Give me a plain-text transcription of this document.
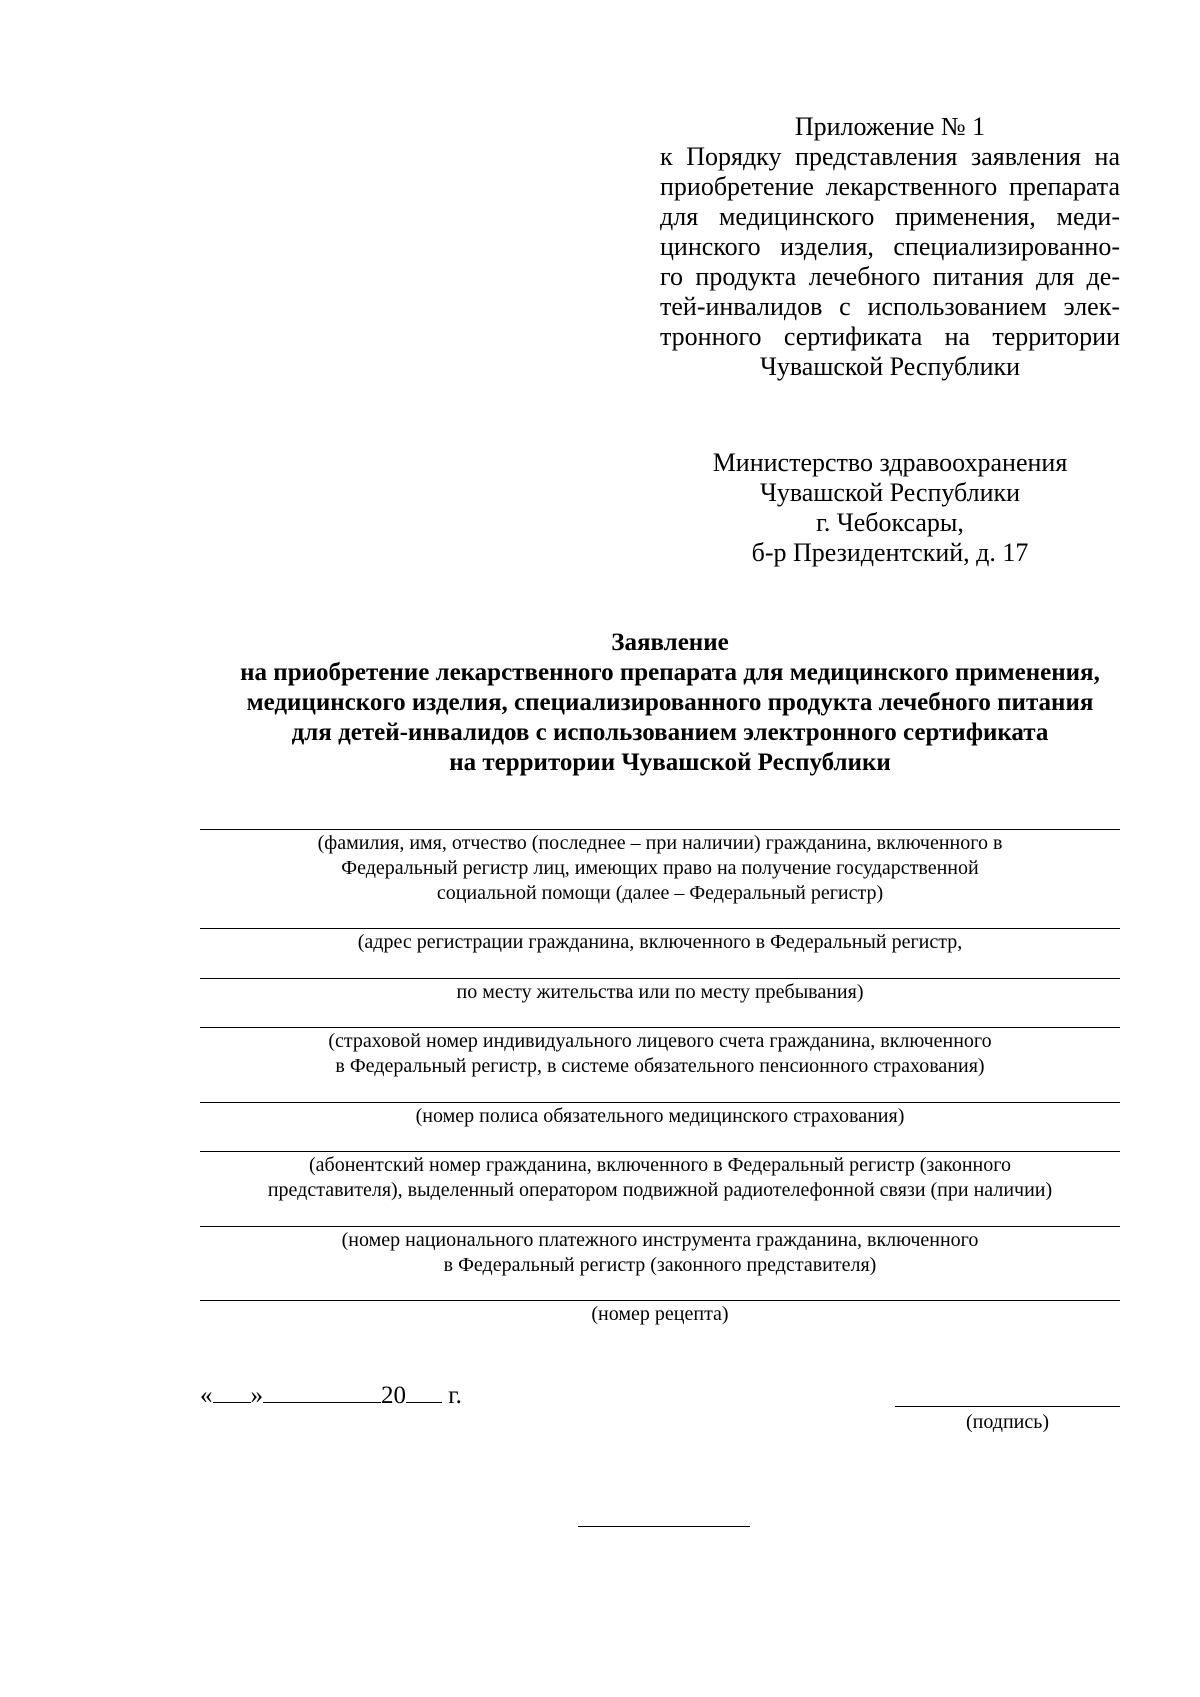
Приложение № 1
к Порядку представления заявления на
приобретение лекарственного препарата
для медицинского применения, меди-
цинского изделия, специализированно-
го продукта лечебного питания для де-
тей-инвалидов с использованием элек-
тронного сертификата на территории
Чувашской Республики
Министерство здравоохранения
Чувашской Республики
г. Чебоксары,
б-р Президентский, д. 17
Заявление
на приобретение лекарственного препарата для медицинского применения,
медицинского изделия, специализированного продукта лечебного питания
для детей-инвалидов с использованием электронного сертификата
на территории Чувашской Республики
(фамилия, имя, отчество (последнее – при наличии) гражданина, включенного в
Федеральный регистр лиц, имеющих право на получение государственной
социальной помощи (далее – Федеральный регистр)
(адрес регистрации гражданина, включенного в Федеральный регистр,
по месту жительства или по месту пребывания)
(страховой номер индивидуального лицевого счета гражданина, включенного
в Федеральный регистр, в системе обязательного пенсионного страхования)
(номер полиса обязательного медицинского страхования)
(абонентский номер гражданина, включенного в Федеральный регистр (законного
представителя), выделенный оператором подвижной радиотелефонной связи (при наличии)
(номер национального платежного инструмента гражданина, включенного
в Федеральный регистр (законного представителя)
(номер рецепта)
« »	20 г.
(подпись)
